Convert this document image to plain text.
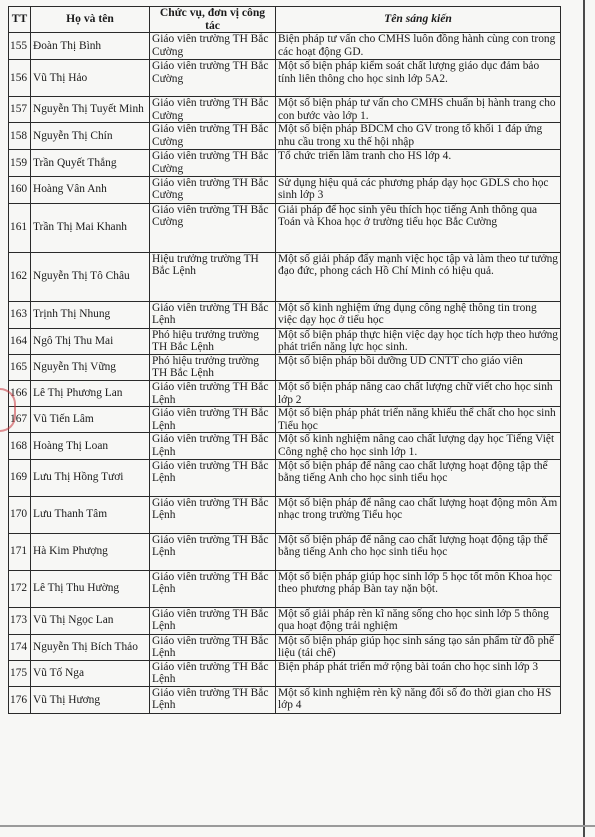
TT	Họ và tên	Chức vụ, đơn vị công tác	Tên sáng kiến
155	Đoàn Thị Bình	Giáo viên trường TH Bắc Cường	Biện pháp tư vấn cho CMHS luôn đồng hành cùng con trong các hoạt động GD.
156	Vũ Thị Hảo	Giáo viên trường TH Bắc Cường	Một số biện pháp kiểm soát chất lượng giáo dục đảm bảo tính liên thông cho học sinh lớp 5A2.
157	Nguyễn Thị Tuyết Minh	Giáo viên trường TH Bắc Cường	Một số biện pháp tư vấn cho CMHS chuẩn bị hành trang cho con bước vào lớp 1.
158	Nguyễn Thị Chín	Giáo viên trường TH Bắc Cường	Một số biện pháp BDCM cho GV trong tổ khối 1 đáp ứng nhu cầu trong xu thế hội nhập
159	Trần Quyết Thắng	Giáo viên trường TH Bắc Cường	Tổ chức triển lãm tranh cho HS lớp 4.
160	Hoàng Vân Anh	Giáo viên trường TH Bắc Cường	Sử dụng hiệu quả các phương pháp dạy học GDLS cho học sinh lớp 3
161	Trần Thị Mai Khanh	Giáo viên trường TH Bắc Cường	Giải pháp để học sinh yêu thích học tiếng Anh thông qua Toán và Khoa học ở trường tiểu học Bắc Cường
162	Nguyễn Thị Tô Châu	Hiệu trưởng trường TH Bắc Lệnh	Một số giải pháp đẩy mạnh việc học tập và làm theo tư tưởng đạo đức, phong cách Hồ Chí Minh có hiệu quả.
163	Trịnh Thị Nhung	Giáo viên trường TH Bắc Lệnh	Một số kinh nghiệm ứng dụng công nghệ thông tin trong việc dạy học ở tiểu học
164	Ngô Thị Thu Mai	Phó hiệu trưởng trường TH Bắc Lệnh	Một số biện pháp thực hiện việc dạy học tích hợp theo hướng phát triển năng lực học sinh.
165	Nguyễn Thị Vững	Phó hiệu trưởng trường TH Bắc Lệnh	Một số biện pháp bồi dưỡng UD CNTT cho giáo viên
166	Lê Thị Phương Lan	Giáo viên trường TH Bắc Lệnh	Một số biện pháp nâng cao chất lượng chữ viết cho học sinh lớp 2
167	Vũ Tiến Lâm	Giáo viên trường TH Bắc Lệnh	Một số biện pháp phát triển năng khiếu thể chất cho học sinh Tiểu học
168	Hoàng Thị Loan	Giáo viên trường TH Bắc Lệnh	Một số kinh nghiệm nâng cao chất lượng dạy học Tiếng Việt Công nghệ cho học sinh lớp 1.
169	Lưu Thị Hồng Tươi	Giáo viên trường TH Bắc Lệnh	Một số biện pháp để nâng cao chất lượng hoạt động tập thể bằng tiếng Anh cho học sinh tiểu học
170	Lưu Thanh Tâm	Giáo viên trường TH Bắc Lệnh	Một số biện pháp để nâng cao chất lượng hoạt động môn Âm nhạc trong trường Tiểu học
171	Hà Kim Phượng	Giáo viên trường TH Bắc Lệnh	Một số biện pháp để nâng cao chất lượng hoạt động tập thể bằng tiếng Anh cho học sinh tiểu học
172	Lê Thị Thu Hường	Giáo viên trường TH Bắc Lệnh	Một số biện pháp giúp học sinh lớp 5 học tốt môn Khoa học theo phương pháp Bàn tay nặn bột.
173	Vũ Thị Ngọc Lan	Giáo viên trường TH Bắc Lệnh	Một số giải pháp rèn kĩ năng sống cho học sinh lớp 5 thông qua hoạt động trải nghiệm
174	Nguyễn Thị Bích Thảo	Giáo viên trường TH Bắc Lệnh	Một số biện pháp giúp học sinh sáng tạo sản phẩm từ đồ phế liệu (tái chế)
175	Vũ Tố Nga	Giáo viên trường TH Bắc Lệnh	Biện pháp phát triển mở rộng bài toán cho học sinh lớp 3
176	Vũ Thị Hương	Giáo viên trường TH Bắc Lệnh	Một số kinh nghiệm rèn kỹ năng đổi số đo thời gian cho HS lớp 4
